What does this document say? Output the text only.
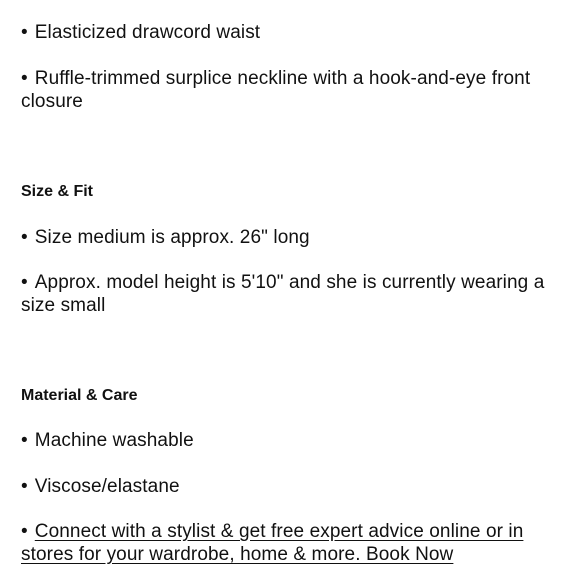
• Elasticized drawcord waist
• Ruffle-trimmed surplice neckline with a hook-and-eye front closure
Size & Fit
• Size medium is approx. 26" long
• Approx. model height is 5'10" and she is currently wearing a size small
Material & Care
• Machine washable
• Viscose/elastane
• Connect with a stylist & get free expert advice online or in stores for your wardrobe, home & more. Book Now
